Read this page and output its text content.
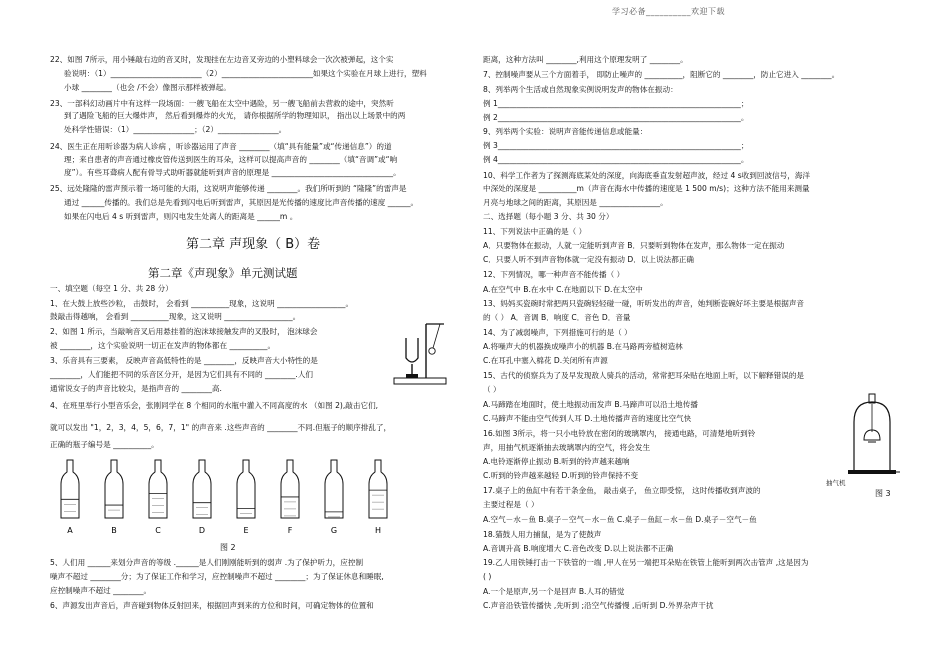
学习必备__________欢迎下载
22、如图 7所示，用小锤敲右边的音叉时，发现挂在左边音叉旁边的小塑料球会一次次被弹起，这个实
验说明：（1）________________________（2）________________________如果这个实验在月球上进行，塑料
小球 ________（也会 /不会）像图示那样被弹起。
23、一部科幻动画片中有这样一段场面：一艘飞船在太空中遇险，另一艘飞船前去营救的途中，突然听
到了遇险飞船的巨大爆炸声， 然后看到爆炸的火光， 请你根据所学的物理知识， 指出以上场景中的两
处科学性错误：（1）________________；（2）________________。
24、医生正在用听诊器为病人诊病 ，听诊器运用了声音 ________（填“具有能量”或“传递信息”）的道
理；来自患者的声音通过橡皮管传送到医生的耳朵，这样可以提高声音的 ________（填“音调”或“响
度”）。有些耳聋病人配有骨导式助听器就能听到声音的原理是 ________________________________。
25、远处隆隆的雷声预示着一场可能的大雨，这说明声能够传递 ________。我们所听到的 “隆隆”的雷声是
通过 ______传播的。我们总是先看到闪电后听到雷声，其原因是光传播的速度比声音传播的速度 ______。
如果在闪电后 4 s 听到雷声，则闪电发生处离人的距离是 ______m 。
一、填空题（每空 1 分、共 28 分）
1、在大鼓上放些沙粒， 击鼓时， 会看到 __________现象，这说明 __________________。
鼓敲击得越响， 会看到 __________现象，这又说明 __________________。
2、如图 1 所示，当敲响音叉后用悬挂着的泡沫球接触发声的叉股时， 泡沫球会
被 ________，这个实验说明一切正在发声的物体都在 __________。
3、乐音具有三要素， 反映声音高低特性的是 ________，反映声音大小特性的是
________，人们能把不同的乐音区分开，是因为它们具有不同的 ________.人们
通常说女子的声音比较尖，是指声音的 ________高.
4、在班里举行小型音乐会，张刚同学在 8 个相同的水瓶中灌入不同高度的水 （如图 2),敲击它们,
就可以发出 "1，2，3，4，5，6，7，1" 的声音来 .这些声音的 ________不同.但瓶子的顺序排乱了，
正确的瓶子编号是 __________。
5、人们用 ______来划分声音的等级 .______是人们刚刚能听到的弱声 .为了保护听力，应控制
噪声不超过 ________分；为了保证工作和学习，应控制噪声不超过 ________；为了保证休息和睡眠,
应控制噪声不超过 ________。
6、声源发出声音后，声音碰到物体反射回来，根据回声到来的方位和时间，可确定物体的位置和
第二章 声现象（ B）卷
第二章《声现象》单元测试题
A	B	C	D	E	F	G	H
图 2
距离，这种方法叫 ________,利用这个原理发明了 ________。
7、控制噪声要从三个方面着手， 即防止噪声的 __________，阻断它的 ________，防止它进入 ________。
8、列举两个生活或自然现象实例说明发声的物体在振动：
例 1________________________________________________________________；
例 2________________________________________________________________。
9、列举两个实验：说明声音能传递信息或能量：
例 3________________________________________________________________；
例 4________________________________________________________________。
10、科学工作者为了探测海底某处的深度，向海底垂直发射超声波，经过 4 s收到回波信号，海洋
中深处的深度是 __________m（声音在海水中传播的速度是 1 500 m/s)；这种方法不能用来测量
月亮与地球之间的距离，其原因是 ________________。
二、选择题（每小题 3 分、共 30 分）
11、下列说法中正确的是（ ）
A．只要物体在振动，人就一定能听到声音 B．只要听到物体在发声，那么物体一定在振动
C．只要人听不到声音物体就一定没有振动 D．以上说法都正确
12、下列情况，哪一种声音不能传播（ ）
A.在空气中 B.在水中 C.在地面以下 D.在太空中
13、妈妈买瓷碗时常把两只瓷碗轻轻碰一碰，听听发出的声音，她判断瓷碗好坏主要是根据声音
的（ ） A．音调 B．响度 C．音色 D．音量
14、为了减弱噪声，下列措施可行的是（ ）
A.将噪声大的机器换成噪声小的机器 B.在马路两旁植树造林
C.在耳孔中塞入棉花 D.关闭所有声源
15、古代的侦察兵为了及早发现敌人骑兵的活动，常常把耳朵贴在地面上听，以下解释错误的是
（ ）
A.马蹄踏在地面时，使土地振动而发声 B.马蹄声可以沿土地传播
C.马蹄声不能由空气传到人耳 D.土地传播声音的速度比空气快
16.如图 3所示，将一只小电铃放在密闭的玻璃罩内， 接通电路，可清楚地听到铃
声，用抽气机逐渐抽去玻璃罩内的空气，将会发生
A.电铃逐渐停止振动 B.听到的铃声越来越响
C.听到的铃声越来越轻 D.听到的铃声保持不变
17.桌子上的鱼缸中有若干条金鱼， 敲击桌子， 鱼立即受惊， 这时传播收到声波的
主要过程是（ ）
A.空气－水－鱼 B.桌子－空气－水－鱼 C.桌子－鱼缸－水－鱼 D.桌子－空气－鱼
18.猫鼓人用力捕鼠，是为了使鼓声
A.音调升高 B.响度增大 C.音色改变 D.以上说法都不正确
19.乙人用铁锤打击一下铁管的一端 ,甲人在另一端把耳朵贴在铁管上能听到两次击管声 ,这是因为
( )
A.一个是原声,另一个是回声 B.人耳的错觉
C.声音沿铁管传播快 ,先听到 ;沿空气传播慢 ,后听到 D.外界杂声干扰
抽气机
图 3
